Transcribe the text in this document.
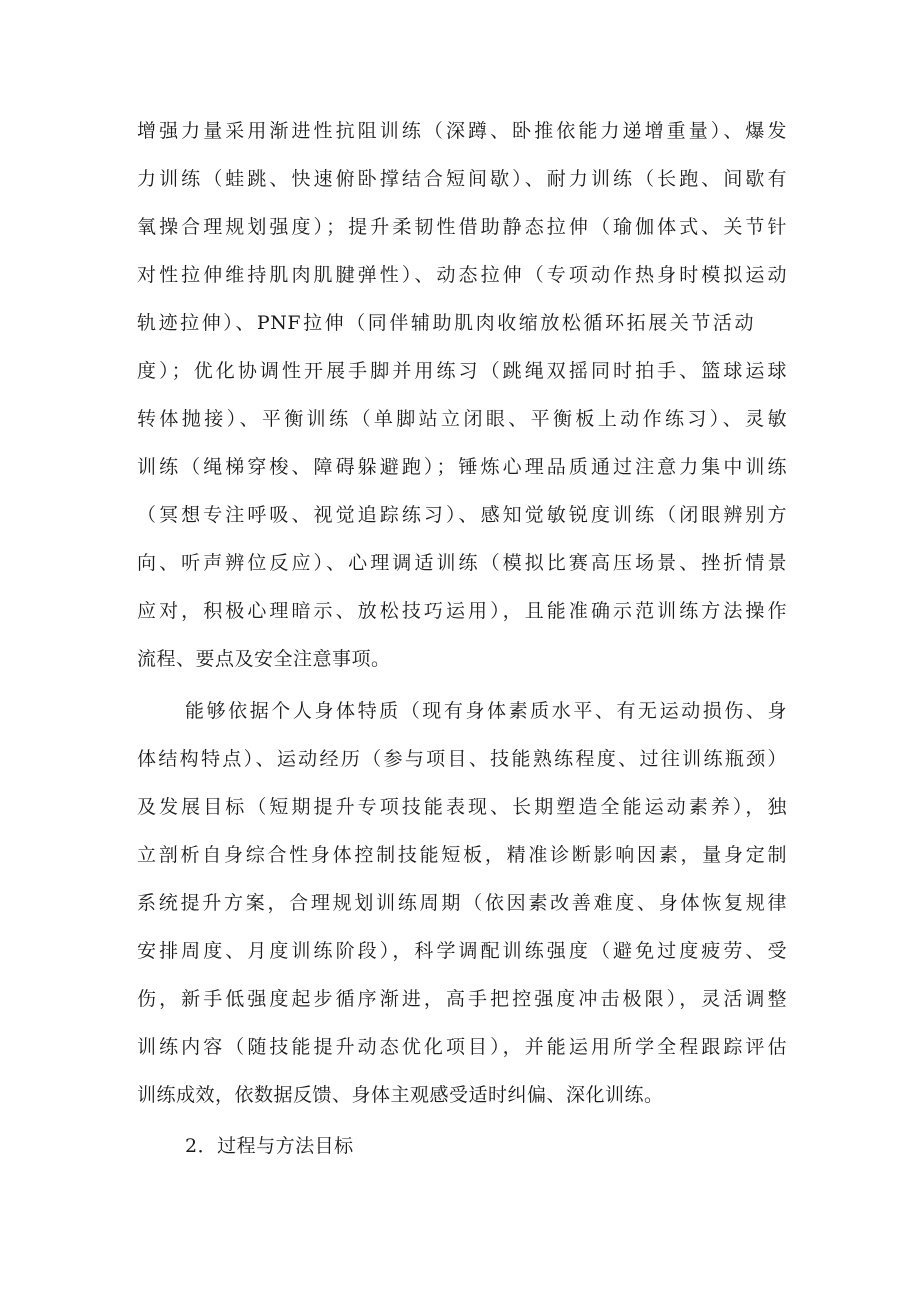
增强力量采用渐进性抗阻训练（深蹲、卧推依能力递增重量）、爆发
力训练（蛙跳、快速俯卧撑结合短间歇）、耐力训练（长跑、间歇有
氧操合理规划强度）；提升柔韧性借助静态拉伸（瑜伽体式、关节针
对性拉伸维持肌肉肌腱弹性）、动态拉伸（专项动作热身时模拟运动
轨迹拉伸）、PNF拉伸（同伴辅助肌肉收缩放松循环拓展关节活动
度）；优化协调性开展手脚并用练习（跳绳双摇同时拍手、篮球运球
转体抛接）、平衡训练（单脚站立闭眼、平衡板上动作练习）、灵敏
训练（绳梯穿梭、障碍躲避跑）；锤炼心理品质通过注意力集中训练
（冥想专注呼吸、视觉追踪练习）、感知觉敏锐度训练（闭眼辨别方
向、听声辨位反应）、心理调适训练（模拟比赛高压场景、挫折情景
应对，积极心理暗示、放松技巧运用），且能准确示范训练方法操作
流程、要点及安全注意事项。
能够依据个人身体特质（现有身体素质水平、有无运动损伤、身
体结构特点）、运动经历（参与项目、技能熟练程度、过往训练瓶颈）
及发展目标（短期提升专项技能表现、长期塑造全能运动素养），独
立剖析自身综合性身体控制技能短板，精准诊断影响因素，量身定制
系统提升方案，合理规划训练周期（依因素改善难度、身体恢复规律
安排周度、月度训练阶段），科学调配训练强度（避免过度疲劳、受
伤，新手低强度起步循序渐进，高手把控强度冲击极限），灵活调整
训练内容（随技能提升动态优化项目），并能运用所学全程跟踪评估
训练成效，依数据反馈、身体主观感受适时纠偏、深化训练。
2．过程与方法目标
